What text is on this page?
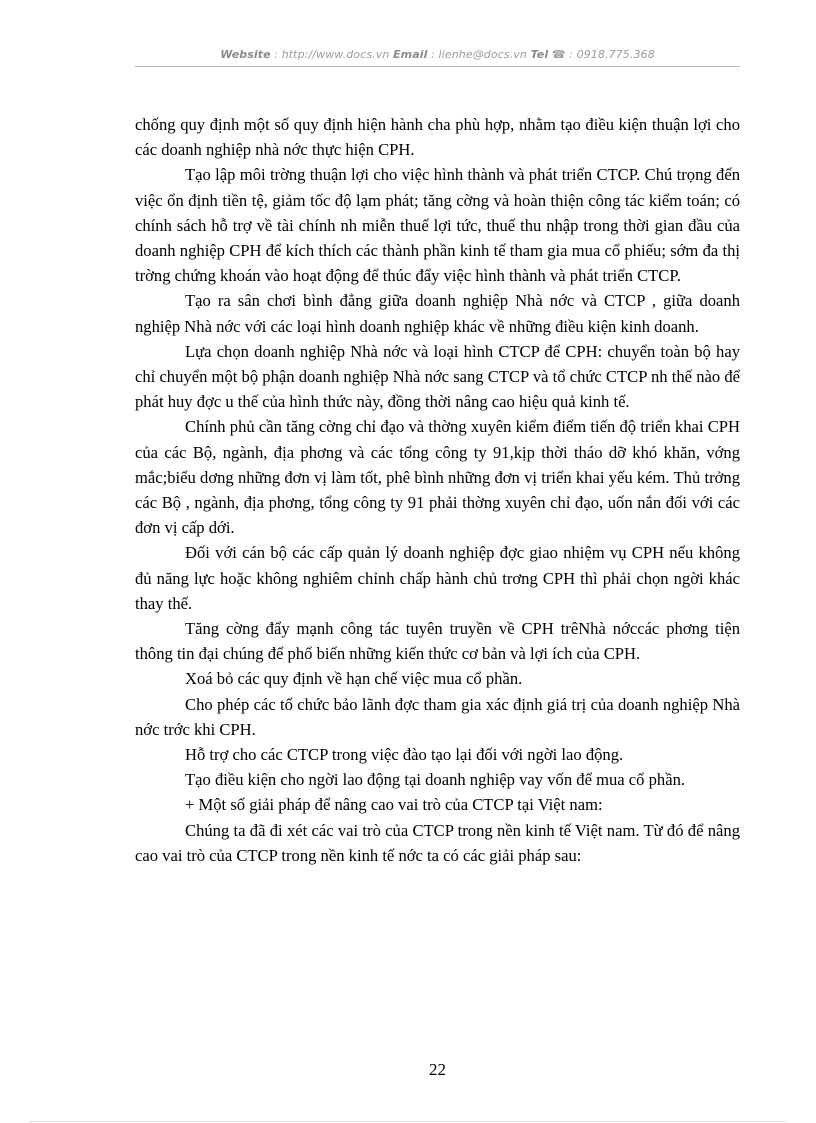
Website : http://www.docs.vn Email : lienhe@docs.vn Tel ☎ : 0918.775.368

chống quy định một số quy định hiện hành cha phù hợp, nhằm tạo điều kiện thuận lợi cho các doanh nghiệp nhà nớc thực hiện CPH.

Tạo lập môi trờng thuận lợi cho việc hình thành và phát triển CTCP. Chú trọng đến việc ổn định tiền tệ, giảm tốc độ lạm phát; tăng cờng và hoàn thiện công tác kiểm toán; có chính sách hỗ trợ về tài chính nh miễn thuế lợi tức, thuế thu nhập trong thời gian đầu của doanh nghiệp CPH để kích thích các thành phần kinh tế tham gia mua cổ phiếu; sớm đa thị trờng chứng khoán vào hoạt động để thúc đẩy việc hình thành và phát triển CTCP.

Tạo ra sân chơi bình đẳng giữa doanh nghiệp Nhà nớc và CTCP , giữa doanh nghiệp Nhà nớc với các loại hình doanh nghiệp khác về những điều kiện kinh doanh.

Lựa chọn doanh nghiệp Nhà nớc và loại hình CTCP để CPH: chuyển toàn bộ hay chỉ chuyển một bộ phận doanh nghiệp Nhà nớc sang CTCP và tổ chức CTCP nh thế nào để phát huy đợc u thế của hình thức này, đồng thời nâng cao hiệu quả kinh tế.

Chính phủ cần tăng cờng chỉ đạo và thờng xuyên kiểm điểm tiến độ triển khai CPH của các Bộ, ngành, địa phơng và các tổng công ty 91,kịp thời tháo dỡ khó khăn, vớng mắc;biểu dơng những đơn vị làm tốt, phê bình những đơn vị triển khai yếu kém. Thủ trởng các Bộ , ngành, địa phơng, tổng công ty 91 phải thờng xuyên chỉ đạo, uốn nắn đối với các đơn vị cấp dới.

Đối với cán bộ các cấp quản lý doanh nghiệp đợc giao nhiệm vụ CPH nếu không đủ năng lực hoặc không nghiêm chỉnh chấp hành chủ trơng CPH thì phải chọn ngời khác thay thế.

Tăng cờng đẩy mạnh công tác tuyên truyền về CPH trêNhà nớccác phơng tiện thông tin đại chúng để phổ biến những kiến thức cơ bản và lợi ích của CPH.

Xoá bỏ các quy định về hạn chế việc mua cổ phần.

Cho phép các tổ chức bảo lãnh đợc tham gia xác định giá trị của doanh nghiệp Nhà nớc trớc khi CPH.

Hỗ trợ cho các CTCP trong việc đào tạo lại đối với ngời lao động.

Tạo điều kiện cho ngời lao động tại doanh nghiệp vay vốn để mua cổ phần.

+ Một số giải pháp để nâng cao vai trò của CTCP tại Việt nam:

Chúng ta đã đi xét các vai trò của CTCP trong nền kinh tế Việt nam. Từ đó để nâng cao vai trò của CTCP trong nền kinh tế nớc ta có các giải pháp sau:

22
